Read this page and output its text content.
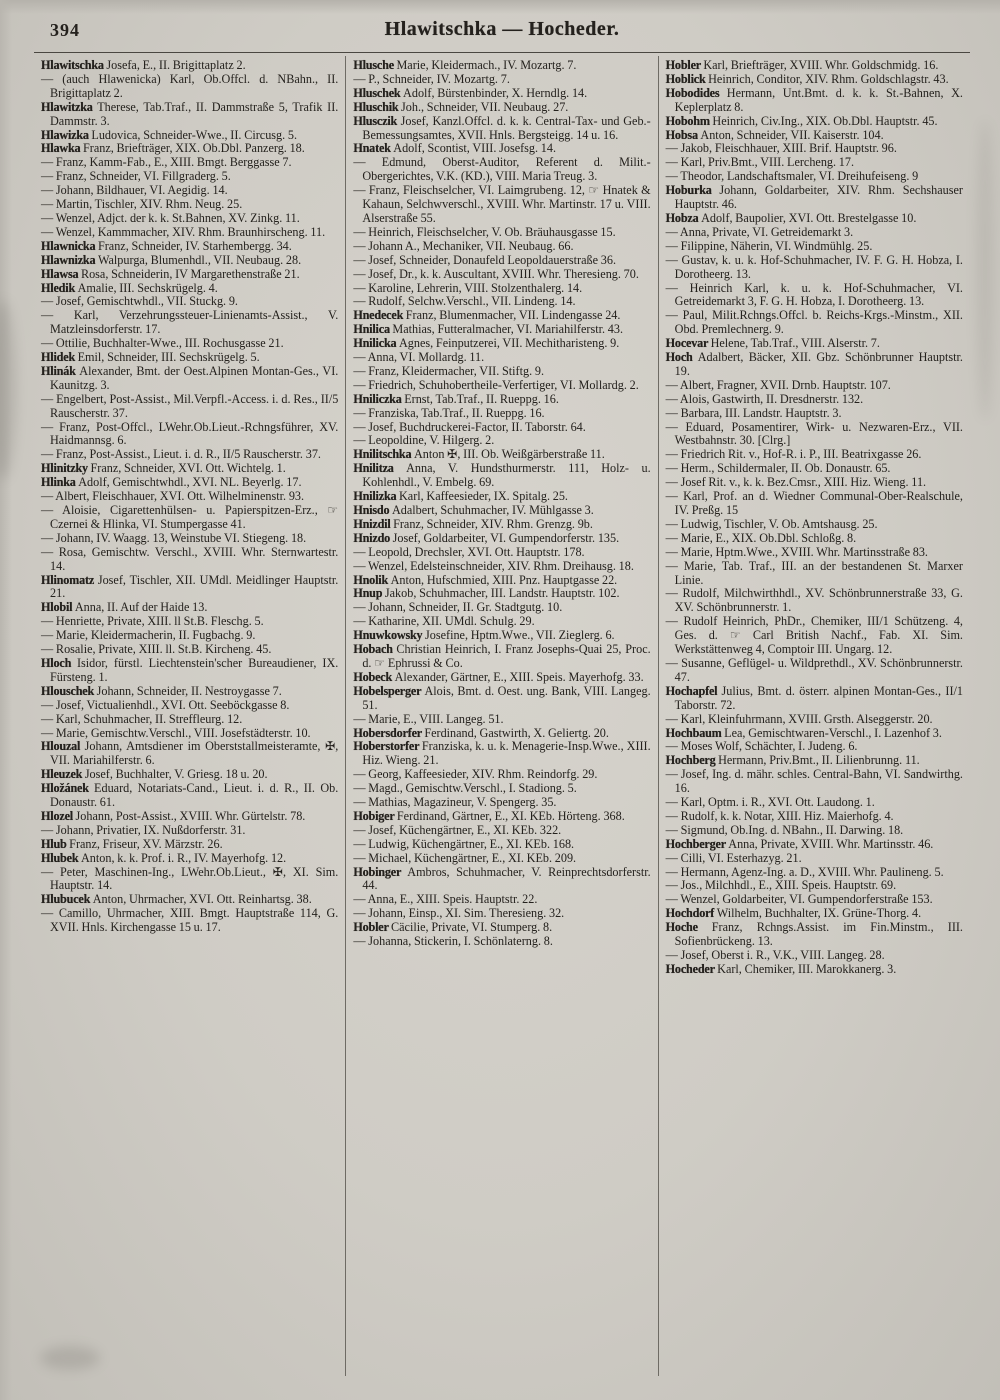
394	Hlawitschka — Hocheder.

Hlawitschka Josefa, E., II. Brigittaplatz 2.

— (auch Hlawenicka) Karl, Ob.Offcl. d. NBahn., II. Brigittaplatz 2.

Hlawitzka Therese, Tab.Traf., II. Dammstraße 5, Trafik II. Dammstr. 3.

Hlawizka Ludovica, Schneider-Wwe., II. Circusg. 5.

Hlawka Franz, Briefträger, XIX. Ob.Dbl. Panzerg. 18.

— Franz, Kamm-Fab., E., XIII. Bmgt. Berggasse 7.

— Franz, Schneider, VI. Fillgraderg. 5.

— Johann, Bildhauer, VI. Aegidig. 14.

— Martin, Tischler, XIV. Rhm. Neug. 25.

— Wenzel, Adjct. der k. k. St.Bahnen, XV. Zinkg. 11.

— Wenzel, Kammmacher, XIV. Rhm. Braunhirscheng. 11.

Hlawnicka Franz, Schneider, IV. Starhembergg. 34.

Hlawnizka Walpurga, Blumenhdl., VII. Neubaug. 28.

Hlawsa Rosa, Schneiderin, IV Margarethenstraße 21.

Hledik Amalie, III. Sechskrügelg. 4.

— Josef, Gemischtwhdl., VII. Stuckg. 9.

— Karl, Verzehrungssteuer-Linienamts-Assist., V. Matzleinsdorferstr. 17.

— Ottilie, Buchhalter-Wwe., III. Rochusgasse 21.

Hlidek Emil, Schneider, III. Sechskrügelg. 5.

Hlinák Alexander, Bmt. der Oest.Alpinen Montan-Ges., VI. Kaunitzg. 3.

— Engelbert, Post-Assist., Mil.Verpfl.-Access. i. d. Res., II/5 Rauscherstr. 37.

— Franz, Post-Offcl., LWehr.Ob.Lieut.-Rchngsführer, XV. Haidmannsg. 6.

— Franz, Post-Assist., Lieut. i. d. R., II/5 Rauscherstr. 37.

Hlinitzky Franz, Schneider, XVI. Ott. Wichtelg. 1.

Hlinka Adolf, Gemischtwhdl., XVI. NL. Beyerlg. 17.

— Albert, Fleischhauer, XVI. Ott. Wilhelminenstr. 93.

— Aloisie, Cigarettenhülsen- u. Papierspitzen-Erz., ☞ Czernei & Hlinka, VI. Stumpergasse 41.

— Johann, IV. Waagg. 13, Weinstube VI. Stiegeng. 18.

— Rosa, Gemischtw. Verschl., XVIII. Whr. Sternwartestr. 14.

Hlinomatz Josef, Tischler, XII. UMdl. Meidlinger Hauptstr. 21.

Hlobil Anna, II. Auf der Haide 13.

— Henriette, Private, XIII. ll St.B. Fleschg. 5.

— Marie, Kleidermacherin, II. Fugbachg. 9.

— Rosalie, Private, XIII. ll. St.B. Kircheng. 45.

Hloch Isidor, fürstl. Liechtenstein'scher Bureaudiener, IX. Fürsteng. 1.

Hlouschek Johann, Schneider, II. Nestroygasse 7.

— Josef, Victualienhdl., XVI. Ott. Seeböckgasse 8.

— Karl, Schuhmacher, II. Streffleurg. 12.

— Marie, Gemischtw.Verschl., VIII. Josefstädterstr. 10.

Hlouzal Johann, Amtsdiener im Oberststallmeisteramte, ✠, VII. Mariahilferstr. 6.

Hleuzek Josef, Buchhalter, V. Griesg. 18 u. 20.

Hložánek Eduard, Notariats-Cand., Lieut. i. d. R., II. Ob. Donaustr. 61.

Hlozel Johann, Post-Assist., XVIII. Whr. Gürtelstr. 78.

— Johann, Privatier, IX. Nußdorferstr. 31.

Hlub Franz, Friseur, XV. Märzstr. 26.

Hlubek Anton, k. k. Prof. i. R., IV. Mayerhofg. 12.

— Peter, Maschinen-Ing., LWehr.Ob.Lieut., ✠, XI. Sim. Hauptstr. 14.

Hlubucek Anton, Uhrmacher, XVI. Ott. Reinhartsg. 38.

— Camillo, Uhrmacher, XIII. Bmgt. Hauptstraße 114, G. XVII. Hnls. Kirchengasse 15 u. 17.

Hlusche Marie, Kleidermach., IV. Mozartg. 7.

— P., Schneider, IV. Mozartg. 7.

Hluschek Adolf, Bürstenbinder, X. Herndlg. 14.

Hluschik Joh., Schneider, VII. Neubaug. 27.

Hlusczik Josef, Kanzl.Offcl. d. k. k. Central-Tax- und Geb.-Bemessungsamtes, XVII. Hnls. Bergsteigg. 14 u. 16.

Hnatek Adolf, Scontist, VIII. Josefsg. 14.

— Edmund, Oberst-Auditor, Referent d. Milit.-Obergerichtes, V.K. (KD.), VIII. Maria Treug. 3.

— Franz, Fleischselcher, VI. Laimgrubeng. 12, ☞ Hnatek & Kahaun, Selchwverschl., XVIII. Whr. Martinstr. 17 u. VIII. Alserstraße 55.

— Heinrich, Fleischselcher, V. Ob. Bräuhausgasse 15.

— Johann A., Mechaniker, VII. Neubaug. 66.

— Josef, Schneider, Donaufeld Leopoldauerstraße 36.

— Josef, Dr., k. k. Auscultant, XVIII. Whr. Theresieng. 70.

— Karoline, Lehrerin, VIII. Stolzenthalerg. 14.

— Rudolf, Selchw.Verschl., VII. Lindeng. 14.

Hnedecek Franz, Blumenmacher, VII. Lindengasse 24.

Hnilica Mathias, Futteralmacher, VI. Mariahilferstr. 43.

Hnilicka Agnes, Feinputzerei, VII. Mechitharisteng. 9.

— Anna, VI. Mollardg. 11.

— Franz, Kleidermacher, VII. Stiftg. 9.

— Friedrich, Schuhobertheile-Verfertiger, VI. Mollardg. 2.

Hniliczka Ernst, Tab.Traf., II. Rueppg. 16.

— Franziska, Tab.Traf., II. Rueppg. 16.

— Josef, Buchdruckerei-Factor, II. Taborstr. 64.

— Leopoldine, V. Hilgerg. 2.

Hnilitschka Anton ✠, III. Ob. Weißgärberstraße 11.

Hnilitza Anna, V. Hundsthurmerstr. 111, Holz- u. Kohlenhdl., V. Embelg. 69.

Hnilizka Karl, Kaffeesieder, IX. Spitalg. 25.

Hnisdo Adalbert, Schuhmacher, IV. Mühlgasse 3.

Hnizdil Franz, Schneider, XIV. Rhm. Grenzg. 9b.

Hnizdo Josef, Goldarbeiter, VI. Gumpendorferstr. 135.

— Leopold, Drechsler, XVI. Ott. Hauptstr. 178.

— Wenzel, Edelsteinschneider, XIV. Rhm. Dreihausg. 18.

Hnolik Anton, Hufschmied, XIII. Pnz. Hauptgasse 22.

Hnup Jakob, Schuhmacher, III. Landstr. Hauptstr. 102.

— Johann, Schneider, II. Gr. Stadtgutg. 10.

— Katharine, XII. UMdl. Schulg. 29.

Hnuwkowsky Josefine, Hptm.Wwe., VII. Zieglerg. 6.

Hobach Christian Heinrich, I. Franz Josephs-Quai 25, Proc. d. ☞ Ephrussi & Co.

Hobeck Alexander, Gärtner, E., XIII. Speis. Mayerhofg. 33.

Hobelsperger Alois, Bmt. d. Oest. ung. Bank, VIII. Langeg. 51.

— Marie, E., VIII. Langeg. 51.

Hobersdorfer Ferdinand, Gastwirth, X. Geliertg. 20.

Hoberstorfer Franziska, k. u. k. Menagerie-Insp.Wwe., XIII. Hiz. Wieng. 21.

— Georg, Kaffeesieder, XIV. Rhm. Reindorfg. 29.

— Magd., Gemischtw.Verschl., I. Stadiong. 5.

— Mathias, Magazineur, V. Spengerg. 35.

Hobiger Ferdinand, Gärtner, E., XI. KEb. Hörteng. 368.

— Josef, Küchengärtner, E., XI. KEb. 322.

— Ludwig, Küchengärtner, E., XI. KEb. 168.

— Michael, Küchengärtner, E., XI. KEb. 209.

Hobinger Ambros, Schuhmacher, V. Reinprechtsdorferstr. 44.

— Anna, E., XIII. Speis. Hauptstr. 22.

— Johann, Einsp., XI. Sim. Theresieng. 32.

Hobler Cäcilie, Private, VI. Stumperg. 8.

— Johanna, Stickerin, I. Schönlaterng. 8.

Hobler Karl, Briefträger, XVIII. Whr. Goldschmidg. 16.

Hoblick Heinrich, Conditor, XIV. Rhm. Goldschlagstr. 43.

Hobodides Hermann, Unt.Bmt. d. k. k. St.-Bahnen, X. Keplerplatz 8.

Hobohm Heinrich, Civ.Ing., XIX. Ob.Dbl. Hauptstr. 45.

Hobsa Anton, Schneider, VII. Kaiserstr. 104.

— Jakob, Fleischhauer, XIII. Brif. Hauptstr. 96.

— Karl, Priv.Bmt., VIII. Lercheng. 17.

— Theodor, Landschaftsmaler, VI. Dreihufeiseng. 9

Hoburka Johann, Goldarbeiter, XIV. Rhm. Sechshauser Hauptstr. 46.

Hobza Adolf, Baupolier, XVI. Ott. Brestelgasse 10.

— Anna, Private, VI. Getreidemarkt 3.

— Filippine, Näherin, VI. Windmühlg. 25.

— Gustav, k. u. k. Hof-Schuhmacher, IV. F. G. H. Hobza, I. Dorotheerg. 13.

— Heinrich Karl, k. u. k. Hof-Schuhmacher, VI. Getreidemarkt 3, F. G. H. Hobza, I. Dorotheerg. 13.

— Paul, Milit.Rchngs.Offcl. b. Reichs-Krgs.-Minstm., XII. Obd. Premlechnerg. 9.

Hocevar Helene, Tab.Traf., VIII. Alserstr. 7.

Hoch Adalbert, Bäcker, XII. Gbz. Schönbrunner Hauptstr. 19.

— Albert, Fragner, XVII. Drnb. Hauptstr. 107.

— Alois, Gastwirth, II. Dresdnerstr. 132.

— Barbara, III. Landstr. Hauptstr. 3.

— Eduard, Posamentirer, Wirk- u. Nezwaren-Erz., VII. Westbahnstr. 30. [Clrg.]

— Friedrich Rit. v., Hof-R. i. P., III. Beatrixgasse 26.

— Herm., Schildermaler, II. Ob. Donaustr. 65.

— Josef Rit. v., k. k. Bez.Cmsr., XIII. Hiz. Wieng. 11.

— Karl, Prof. an d. Wiedner Communal-Ober-Realschule, IV. Preßg. 15

— Ludwig, Tischler, V. Ob. Amtshausg. 25.

— Marie, E., XIX. Ob.Dbl. Schloßg. 8.

— Marie, Hptm.Wwe., XVIII. Whr. Martinsstraße 83.

— Marie, Tab. Traf., III. an der bestandenen St. Marxer Linie.

— Rudolf, Milchwirthhdl., XV. Schönbrunnerstraße 33, G. XV. Schönbrunnerstr. 1.

— Rudolf Heinrich, PhDr., Chemiker, III/1 Schützeng. 4, Ges. d. ☞ Carl British Nachf., Fab. XI. Sim. Werkstättenweg 4, Comptoir III. Ungarg. 12.

— Susanne, Geflügel- u. Wildprethdl., XV. Schönbrunnerstr. 47.

Hochapfel Julius, Bmt. d. österr. alpinen Montan-Ges., II/1 Taborstr. 72.

— Karl, Kleinfuhrmann, XVIII. Grsth. Alseggerstr. 20.

Hochbaum Lea, Gemischtwaren-Verschl., I. Lazenhof 3.

— Moses Wolf, Schächter, I. Judeng. 6.

Hochberg Hermann, Priv.Bmt., II. Lilienbrunng. 11.

— Josef, Ing. d. mähr. schles. Central-Bahn, VI. Sandwirthg. 16.

— Karl, Optm. i. R., XVI. Ott. Laudong. 1.

— Rudolf, k. k. Notar, XIII. Hiz. Maierhofg. 4.

— Sigmund, Ob.Ing. d. NBahn., II. Darwing. 18.

Hochberger Anna, Private, XVIII. Whr. Martinsstr. 46.

— Cilli, VI. Esterhazyg. 21.

— Hermann, Agenz-Ing. a. D., XVIII. Whr. Paulineng. 5.

— Jos., Milchhdl., E., XIII. Speis. Hauptstr. 69.

— Wenzel, Goldarbeiter, VI. Gumpendorferstraße 153.

Hochdorf Wilhelm, Buchhalter, IX. Grüne-Thorg. 4.

Hoche Franz, Rchngs.Assist. im Fin.Minstm., III. Sofienbrückeng. 13.

— Josef, Oberst i. R., V.K., VIII. Langeg. 28.

Hocheder Karl, Chemiker, III. Marokkanerg. 3.
